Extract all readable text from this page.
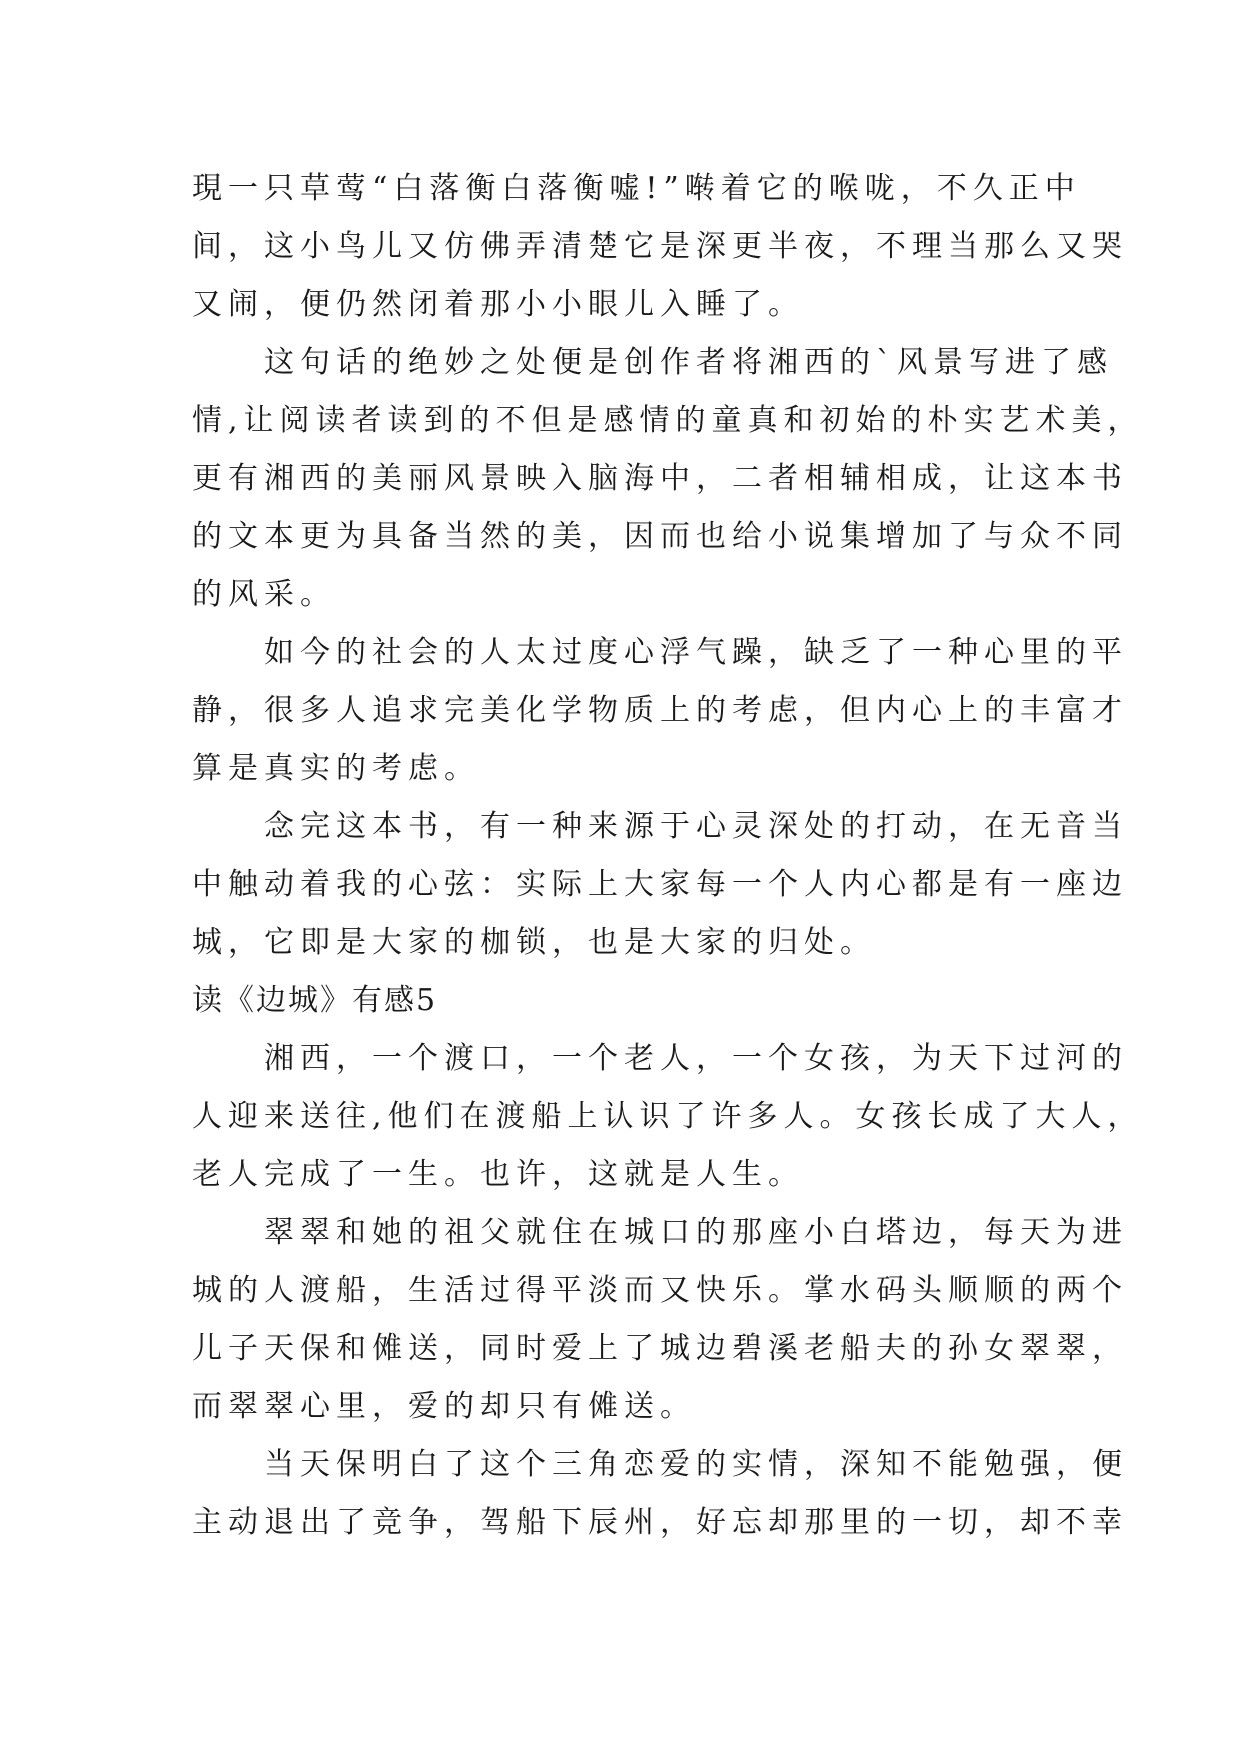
現一只草莺“白落衡白落衡嘘!”啭着它的喉咙，不久正中
间，这小鸟儿又仿佛弄清楚它是深更半夜，不理当那么又哭
又闹，便仍然闭着那小小眼儿入睡了。
　　这句话的绝妙之处便是创作者将湘西的`风景写进了感
情,让阅读者读到的不但是感情的童真和初始的朴实艺术美，
更有湘西的美丽风景映入脑海中，二者相辅相成，让这本书
的文本更为具备当然的美，因而也给小说集增加了与众不同
的风采。
　　如今的社会的人太过度心浮气躁，缺乏了一种心里的平
静，很多人追求完美化学物质上的考虑，但内心上的丰富才
算是真实的考虑。
　　念完这本书，有一种来源于心灵深处的打动，在无音当
中触动着我的心弦：实际上大家每一个人内心都是有一座边
城，它即是大家的枷锁，也是大家的归处。
读《边城》有感5
　　湘西，一个渡口，一个老人，一个女孩，为天下过河的
人迎来送往,他们在渡船上认识了许多人。女孩长成了大人，
老人完成了一生。也许，这就是人生。
　　翠翠和她的祖父就住在城口的那座小白塔边，每天为进
城的人渡船，生活过得平淡而又快乐。掌水码头顺顺的两个
儿子天保和傩送，同时爱上了城边碧溪老船夫的孙女翠翠，
而翠翠心里，爱的却只有傩送。
　　当天保明白了这个三角恋爱的实情，深知不能勉强，便
主动退出了竞争，驾船下辰州，好忘却那里的一切，却不幸
